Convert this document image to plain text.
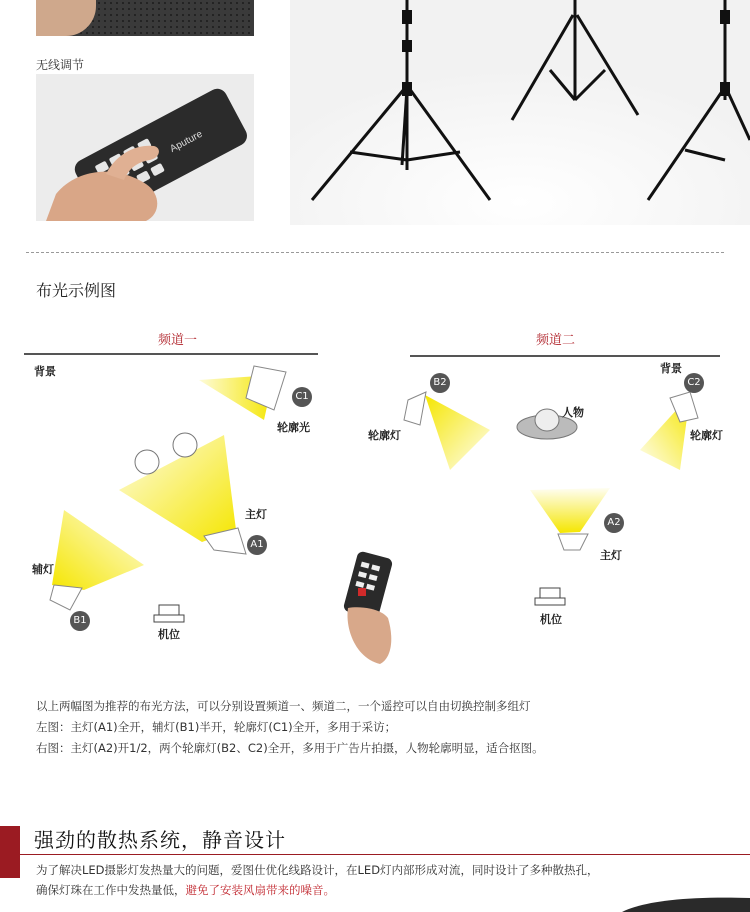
无线调节
Aputure
布光示例图
频道一
背景
C1
轮廓光
主灯
A1
辅灯
B1
机位
频道二
背景
B2
轮廓灯
C2
轮廓灯
人物
A2
主灯
机位
以上两幅图为推荐的布光方法，可以分别设置频道一、频道二，一个遥控可以自由切换控制多组灯
左图：主灯(A1)全开，辅灯(B1)半开，轮廓灯(C1)全开，多用于采访；
右图：主灯(A2)开1/2，两个轮廓灯(B2、C2)全开，多用于广告片拍摄，人物轮廓明显，适合抠图。
强劲的散热系统，静音设计
为了解决LED摄影灯发热量大的问题，爱图仕优化线路设计，在LED灯内部形成对流，同时设计了多种散热孔，
确保灯珠在工作中发热量低，避免了安装风扇带来的噪音。
